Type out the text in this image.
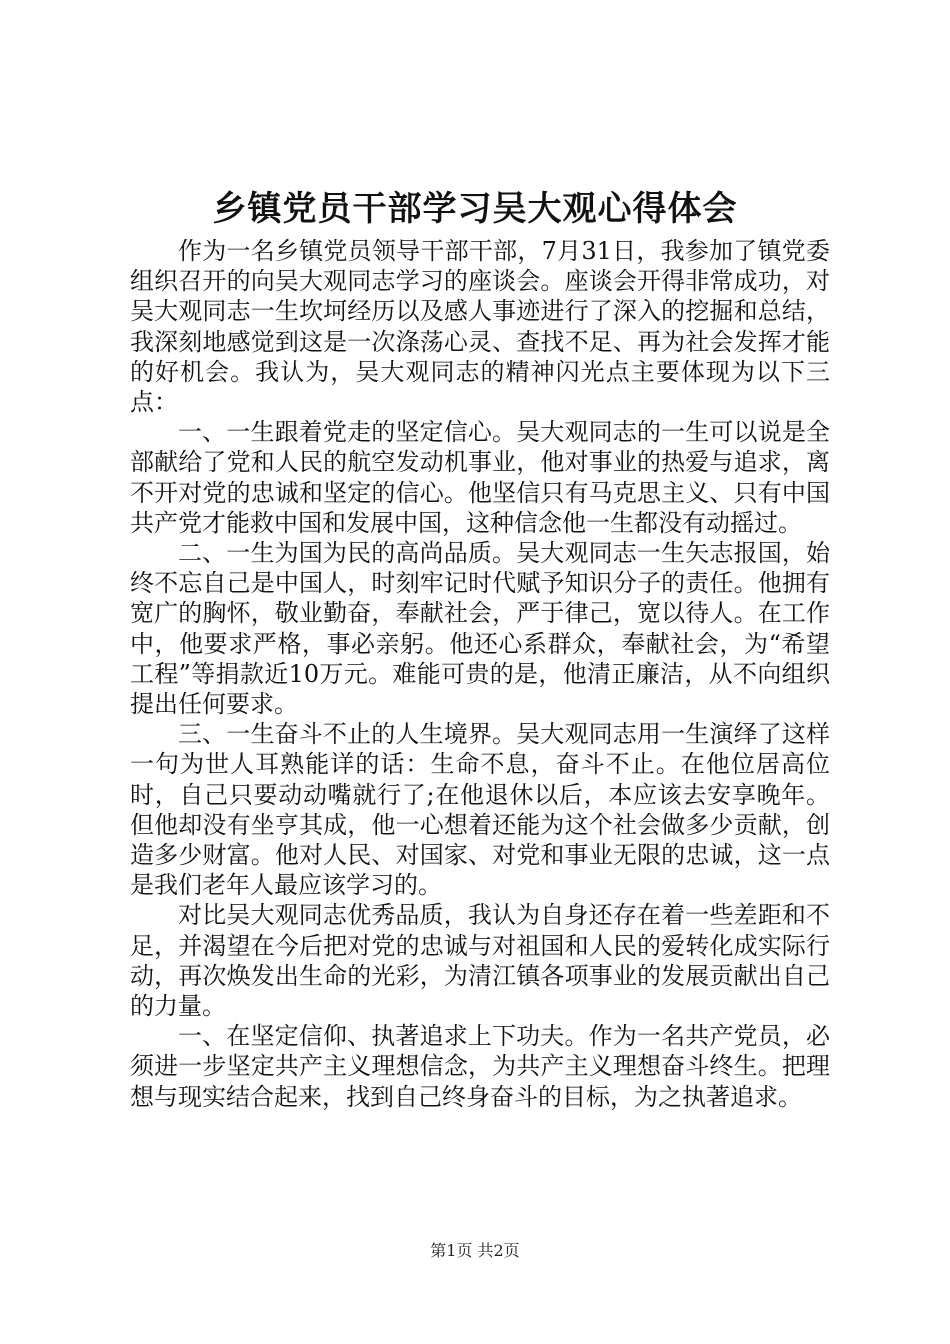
乡镇党员干部学习吴大观心得体会

作为一名乡镇党员领导干部干部，7月31日，我参加了镇党委组织召开的向吴大观同志学习的座谈会。座谈会开得非常成功，对吴大观同志一生坎坷经历以及感人事迹进行了深入的挖掘和总结，我深刻地感觉到这是一次涤荡心灵、查找不足、再为社会发挥才能的好机会。我认为，吴大观同志的精神闪光点主要体现为以下三点：

一、一生跟着党走的坚定信心。吴大观同志的一生可以说是全部献给了党和人民的航空发动机事业，他对事业的热爱与追求，离不开对党的忠诚和坚定的信心。他坚信只有马克思主义、只有中国共产党才能救中国和发展中国，这种信念他一生都没有动摇过。

二、一生为国为民的高尚品质。吴大观同志一生矢志报国，始终不忘自己是中国人，时刻牢记时代赋予知识分子的责任。他拥有宽广的胸怀，敬业勤奋，奉献社会，严于律己，宽以待人。在工作中，他要求严格，事必亲躬。他还心系群众，奉献社会，为“希望工程”等捐款近10万元。难能可贵的是，他清正廉洁，从不向组织提出任何要求。

三、一生奋斗不止的人生境界。吴大观同志用一生演绎了这样一句为世人耳熟能详的话：生命不息，奋斗不止。在他位居高位时，自己只要动动嘴就行了;在他退休以后，本应该去安享晚年。但他却没有坐亨其成，他一心想着还能为这个社会做多少贡献，创造多少财富。他对人民、对国家、对党和事业无限的忠诚，这一点是我们老年人最应该学习的。

对比吴大观同志优秀品质，我认为自身还存在着一些差距和不足，并渴望在今后把对党的忠诚与对祖国和人民的爱转化成实际行动，再次焕发出生命的光彩，为清江镇各项事业的发展贡献出自己的力量。

一、在坚定信仰、执著追求上下功夫。作为一名共产党员，必须进一步坚定共产主义理想信念，为共产主义理想奋斗终生。把理想与现实结合起来，找到自己终身奋斗的目标，为之执著追求。

第1页 共2页
